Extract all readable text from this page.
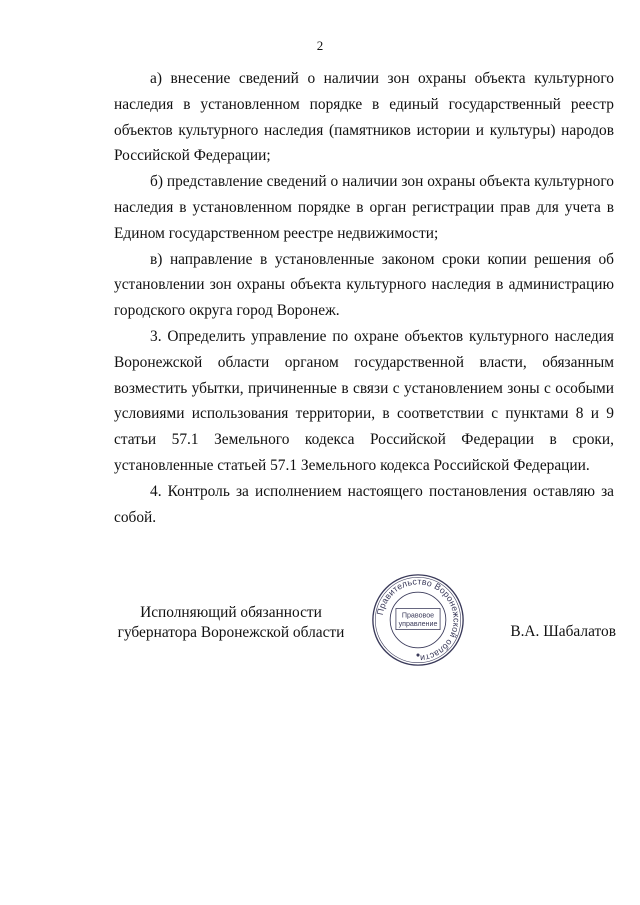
2

а) внесение сведений о наличии зон охраны объекта культурного наследия в установленном порядке в единый государственный реестр объектов культурного наследия (памятников истории и культуры) народов Российской Федерации;

б) представление сведений о наличии зон охраны объекта культурного наследия в установленном порядке в орган регистрации прав для учета в Едином государственном реестре недвижимости;

в) направление в установленные законом сроки копии решения об установлении зон охраны объекта культурного наследия в администрацию городского округа город Воронеж.

3. Определить управление по охране объектов культурного наследия Воронежской области органом государственной власти, обязанным возместить убытки, причиненные в связи с установлением зоны с особыми условиями использования территории, в соответствии с пунктами 8 и 9 статьи 57.1 Земельного кодекса Российской Федерации в сроки, установленные статьей 57.1 Земельного кодекса Российской Федерации.

4. Контроль за исполнением настоящего постановления оставляю за собой.

Исполняющий обязанности
губернатора Воронежской области
Правительство Воронежской области
Правовое
управление	В.А. Шабалатов
